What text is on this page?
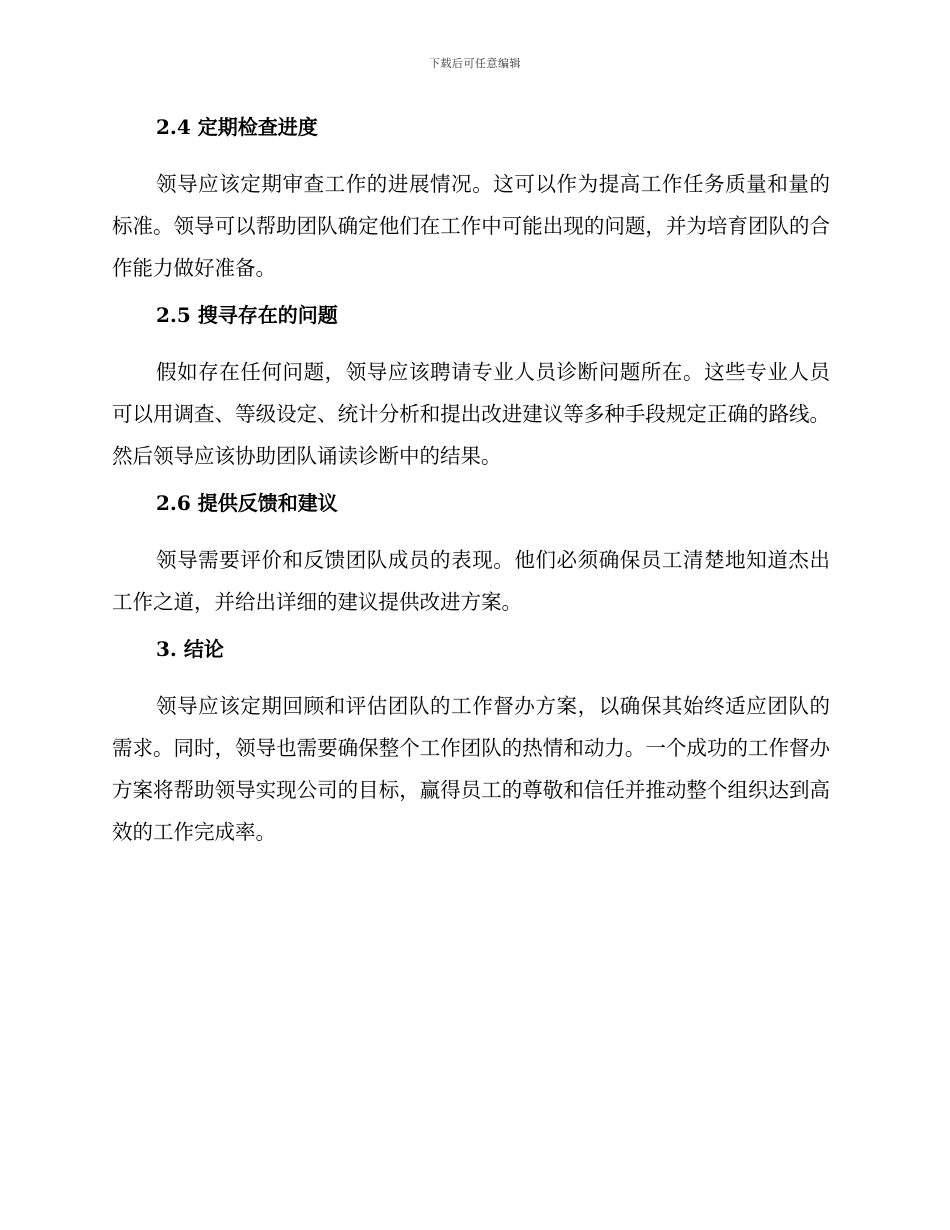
下载后可任意编辑
2.4 定期检查进度

领导应该定期审查工作的进展情况。这可以作为提高工作任务质量和量的标准。领导可以帮助团队确定他们在工作中可能出现的问题，并为培育团队的合作能力做好准备。

2.5 搜寻存在的问题

假如存在任何问题，领导应该聘请专业人员诊断问题所在。这些专业人员可以用调查、等级设定、统计分析和提出改进建议等多种手段规定正确的路线。然后领导应该协助团队诵读诊断中的结果。

2.6 提供反馈和建议

领导需要评价和反馈团队成员的表现。他们必须确保员工清楚地知道杰出工作之道，并给出详细的建议提供改进方案。

3. 结论

领导应该定期回顾和评估团队的工作督办方案，以确保其始终适应团队的需求。同时，领导也需要确保整个工作团队的热情和动力。一个成功的工作督办方案将帮助领导实现公司的目标，赢得员工的尊敬和信任并推动整个组织达到高效的工作完成率。
